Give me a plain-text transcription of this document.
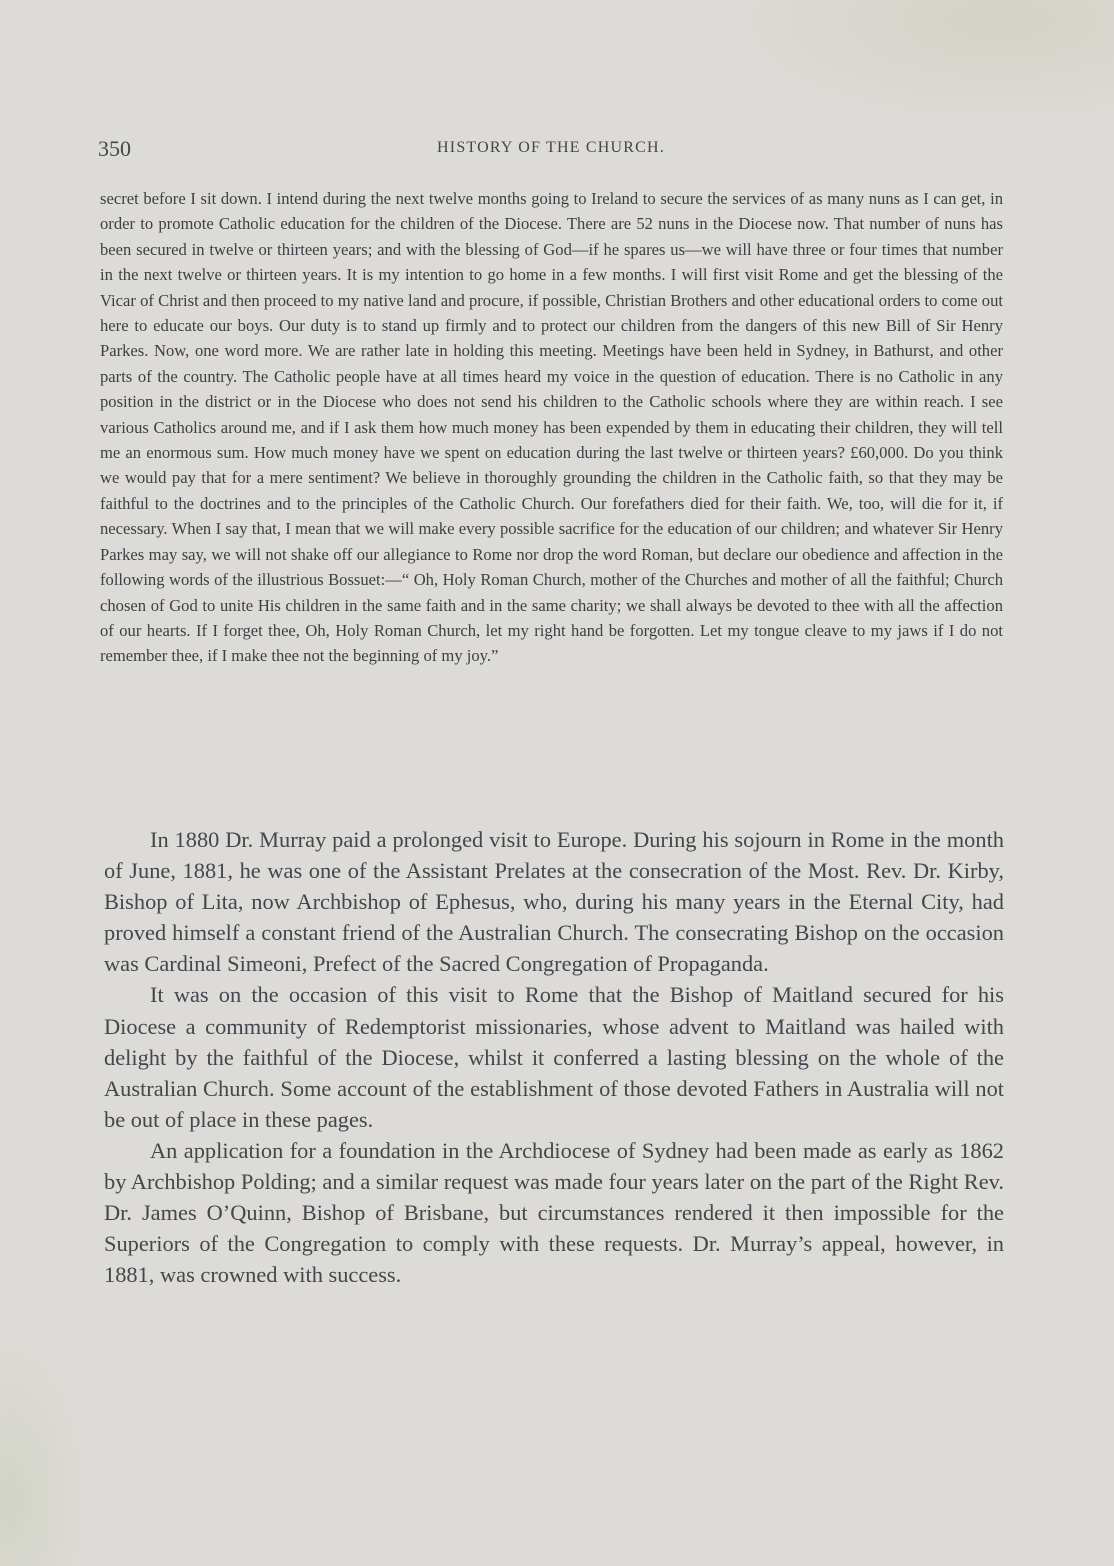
350	HISTORY OF THE CHURCH.

secret before I sit down. I intend during the next twelve months going to Ireland to secure the services of as many nuns as I can get, in order to promote Catholic education for the children of the Diocese. There are 52 nuns in the Diocese now. That number of nuns has been secured in twelve or thirteen years; and with the blessing of God—if he spares us—we will have three or four times that number in the next twelve or thirteen years. It is my intention to go home in a few months. I will first visit Rome and get the blessing of the Vicar of Christ and then proceed to my native land and procure, if possible, Christian Brothers and other educational orders to come out here to educate our boys. Our duty is to stand up firmly and to protect our children from the dangers of this new Bill of Sir Henry Parkes. Now, one word more. We are rather late in holding this meeting. Meetings have been held in Sydney, in Bathurst, and other parts of the country. The Catholic people have at all times heard my voice in the question of education. There is no Catholic in any position in the district or in the Diocese who does not send his children to the Catholic schools where they are within reach. I see various Catholics around me, and if I ask them how much money has been expended by them in educating their children, they will tell me an enormous sum. How much money have we spent on education during the last twelve or thirteen years? £60,000. Do you think we would pay that for a mere sentiment? We believe in thoroughly grounding the children in the Catholic faith, so that they may be faithful to the doctrines and to the principles of the Catholic Church. Our forefathers died for their faith. We, too, will die for it, if necessary. When I say that, I mean that we will make every possible sacrifice for the education of our children; and whatever Sir Henry Parkes may say, we will not shake off our allegiance to Rome nor drop the word Roman, but declare our obedience and affection in the following words of the illustrious Bossuet:—“ Oh, Holy Roman Church, mother of the Churches and mother of all the faithful; Church chosen of God to unite His children in the same faith and in the same charity; we shall always be devoted to thee with all the affection of our hearts. If I forget thee, Oh, Holy Roman Church, let my right hand be forgotten. Let my tongue cleave to my jaws if I do not remember thee, if I make thee not the beginning of my joy.”

In 1880 Dr. Murray paid a prolonged visit to Europe. During his sojourn in Rome in the month of June, 1881, he was one of the Assistant Prelates at the consecration of the Most. Rev. Dr. Kirby, Bishop of Lita, now Archbishop of Ephesus, who, during his many years in the Eternal City, had proved himself a constant friend of the Australian Church. The consecrating Bishop on the occasion was Cardinal Simeoni, Prefect of the Sacred Congregation of Propaganda.

It was on the occasion of this visit to Rome that the Bishop of Maitland secured for his Diocese a community of Redemptorist missionaries, whose advent to Maitland was hailed with delight by the faithful of the Diocese, whilst it conferred a lasting blessing on the whole of the Australian Church. Some account of the establishment of those devoted Fathers in Australia will not be out of place in these pages.

An application for a foundation in the Archdiocese of Sydney had been made as early as 1862 by Archbishop Polding; and a similar request was made four years later on the part of the Right Rev. Dr. James O’Quinn, Bishop of Brisbane, but circumstances rendered it then impossible for the Superiors of the Congregation to comply with these requests. Dr. Murray’s appeal, however, in 1881, was crowned with success.
